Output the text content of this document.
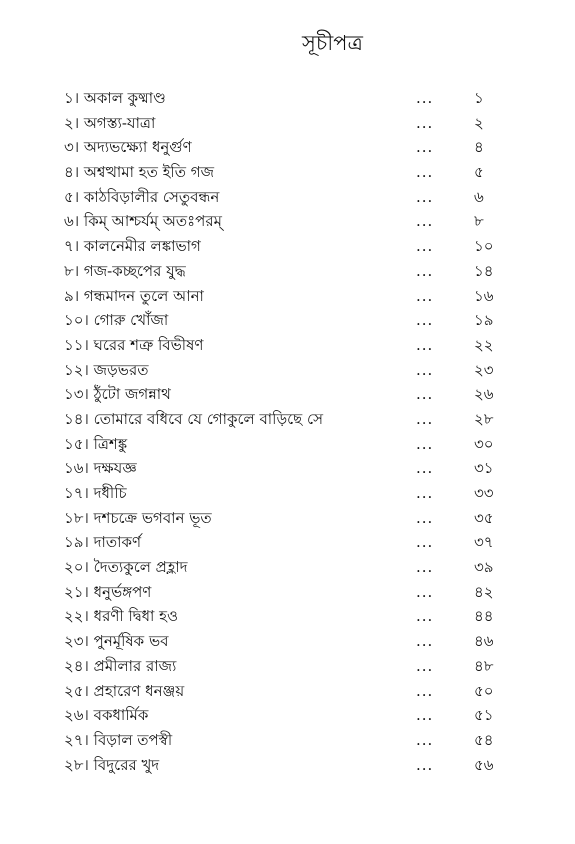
সূচীপত্র
১। অকাল কুষ্মাণ্ড	...	১
২। অগস্ত্য-যাত্রা	...	২
৩। অদ্যভক্ষ্যো ধনুর্গুণ	...	৪
৪। অশ্বত্থামা হত ইতি গজ	...	৫
৫। কাঠবিড়ালীর সেতুবন্ধন	...	৬
৬। কিম্ আশ্চর্যম্ অতঃপরম্	...	৮
৭। কালনেমীর লঙ্কাভাগ	...	১০
৮। গজ-কচ্ছপের যুদ্ধ	...	১৪
৯। গন্ধমাদন তুলে আনা	...	১৬
১০। গোরু খোঁজা	...	১৯
১১। ঘরের শত্রু বিভীষণ	...	২২
১২। জড়ভরত	...	২৩
১৩। ঠুঁটো জগন্নাথ	...	২৬
১৪। তোমারে বধিবে যে গোকুলে বাড়িছে সে	...	২৮
১৫। ত্রিশঙ্কু	...	৩০
১৬। দক্ষযজ্ঞ	...	৩১
১৭। দধীচি	...	৩৩
১৮। দশচক্রে ভগবান ভূত	...	৩৫
১৯। দাতাকর্ণ	...	৩৭
২০। দৈত্যকুলে প্রহ্লাদ	...	৩৯
২১। ধনুর্ভঙ্গপণ	...	৪২
২২। ধরণী দ্বিধা হও	...	৪৪
২৩। পুনর্মূষিক ভব	...	৪৬
২৪। প্রমীলার রাজ্য	...	৪৮
২৫। প্রহারেণ ধনঞ্জয়	...	৫০
২৬। বকধার্মিক	...	৫১
২৭। বিড়াল তপস্বী	...	৫৪
২৮। বিদুরের খুদ	...	৫৬
